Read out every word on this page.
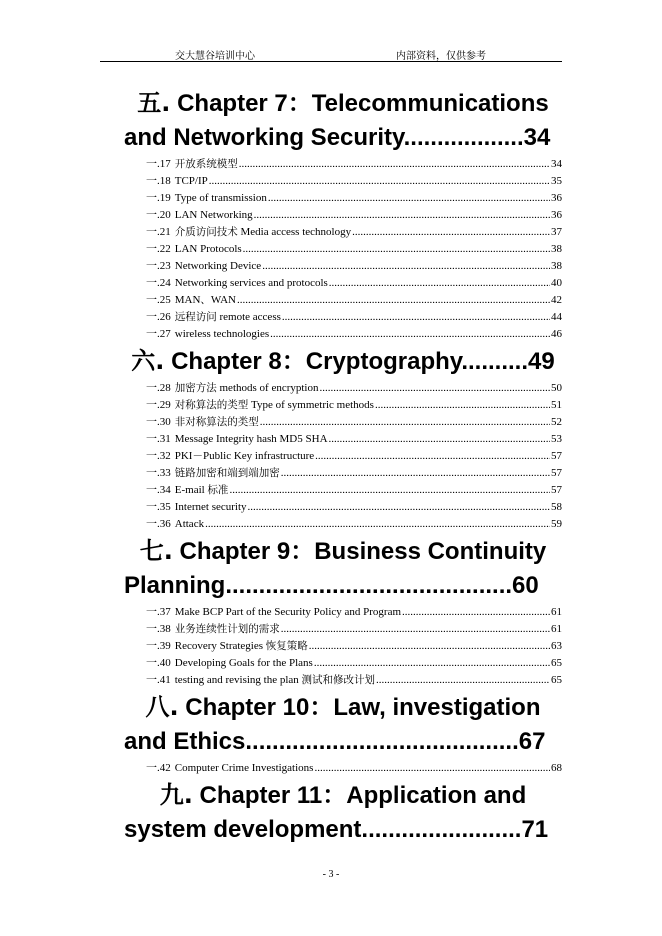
交大慧谷培训中心	内部资料，仅供参考
五. Chapter 7：Telecommunications
and Networking Security..................34
一.17 开放系统模型 .....	34
一.18 TCP/IP .....	35
一.19 Type of transmission .....	36
一.20 LAN Networking .....	36
一.21 介质访问技术 Media access technology .....	37
一.22 LAN Protocols .....	38
一.23 Networking Device .....	38
一.24 Networking services and protocols .....	40
一.25 MAN、WAN .....	42
一.26 远程访问 remote access .....	44
一.27 wireless technologies .....	46
六. Chapter 8：Cryptography..........49
一.28 加密方法 methods of encryption .....	50
一.29 对称算法的类型 Type of symmetric methods .....	51
一.30 非对称算法的类型 .....	52
一.31 Message Integrity hash MD5 SHA .....	53
一.32 PKI－Public Key infrastructure .....	57
一.33 链路加密和端到端加密 .....	57
一.34 E-mail 标准 .....	57
一.35 Internet security .....	58
一.36 Attack .....	59
七. Chapter 9：Business Continuity
Planning...........................................60
一.37 Make BCP Part of the Security Policy and Program .....	61
一.38 业务连续性计划的需求 .....	61
一.39 Recovery Strategies 恢复策略 .....	63
一.40 Developing Goals for the Plans .....	65
一.41 testing and revising the plan 测试和修改计划 .....	65
八. Chapter 10：Law, investigation
and Ethics.........................................67
一.42 Computer Crime Investigations .....	68
九. Chapter 11：Application and
system development........................71
- 3 -
